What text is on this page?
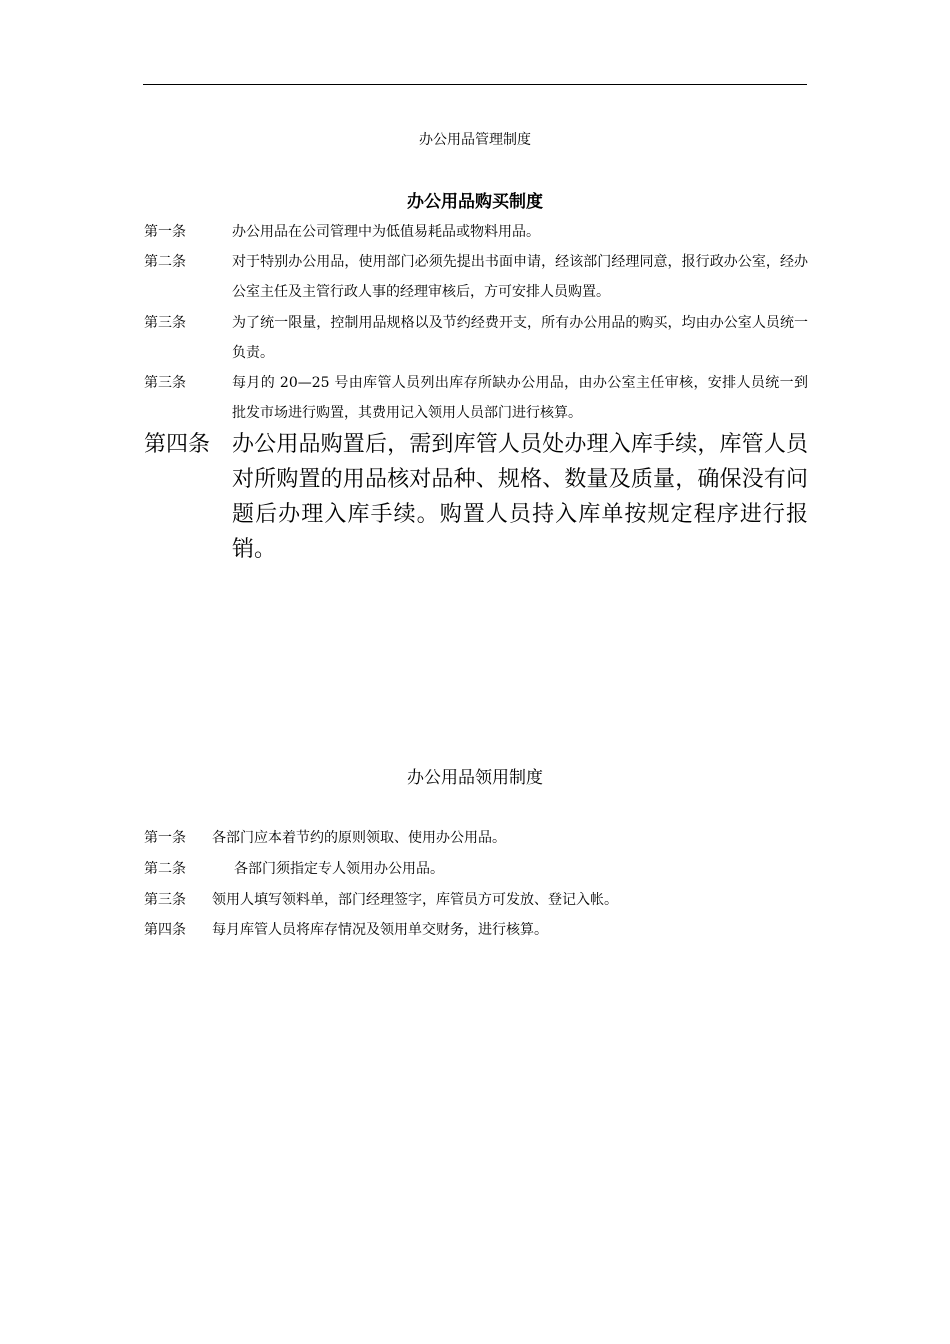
办公用品管理制度
办公用品购买制度
第一条	办公用品在公司管理中为低值易耗品或物料用品。
第二条	对于特别办公用品，使用部门必须先提出书面申请，经该部门经理同意，报行政办公室，经办公室主任及主管行政人事的经理审核后，方可安排人员购置。
第三条	为了统一限量，控制用品规格以及节约经费开支，所有办公用品的购买，均由办公室人员统一负责。
第三条	每月的 20—25 号由库管人员列出库存所缺办公用品，由办公室主任审核，安排人员统一到批发市场进行购置，其费用记入领用人员部门进行核算。
第四条 办公用品购置后，需到库管人员处办理入库手续，库管人员对所购置的用品核对品种、规格、数量及质量，确保没有问题后办理入库手续。购置人员持入库单按规定程序进行报销。
办公用品领用制度
第一条	各部门应本着节约的原则领取、使用办公用品。
第二条	各部门须指定专人领用办公用品。
第三条	领用人填写领料单，部门经理签字，库管员方可发放、登记入帐。
第四条	每月库管人员将库存情况及领用单交财务，进行核算。
